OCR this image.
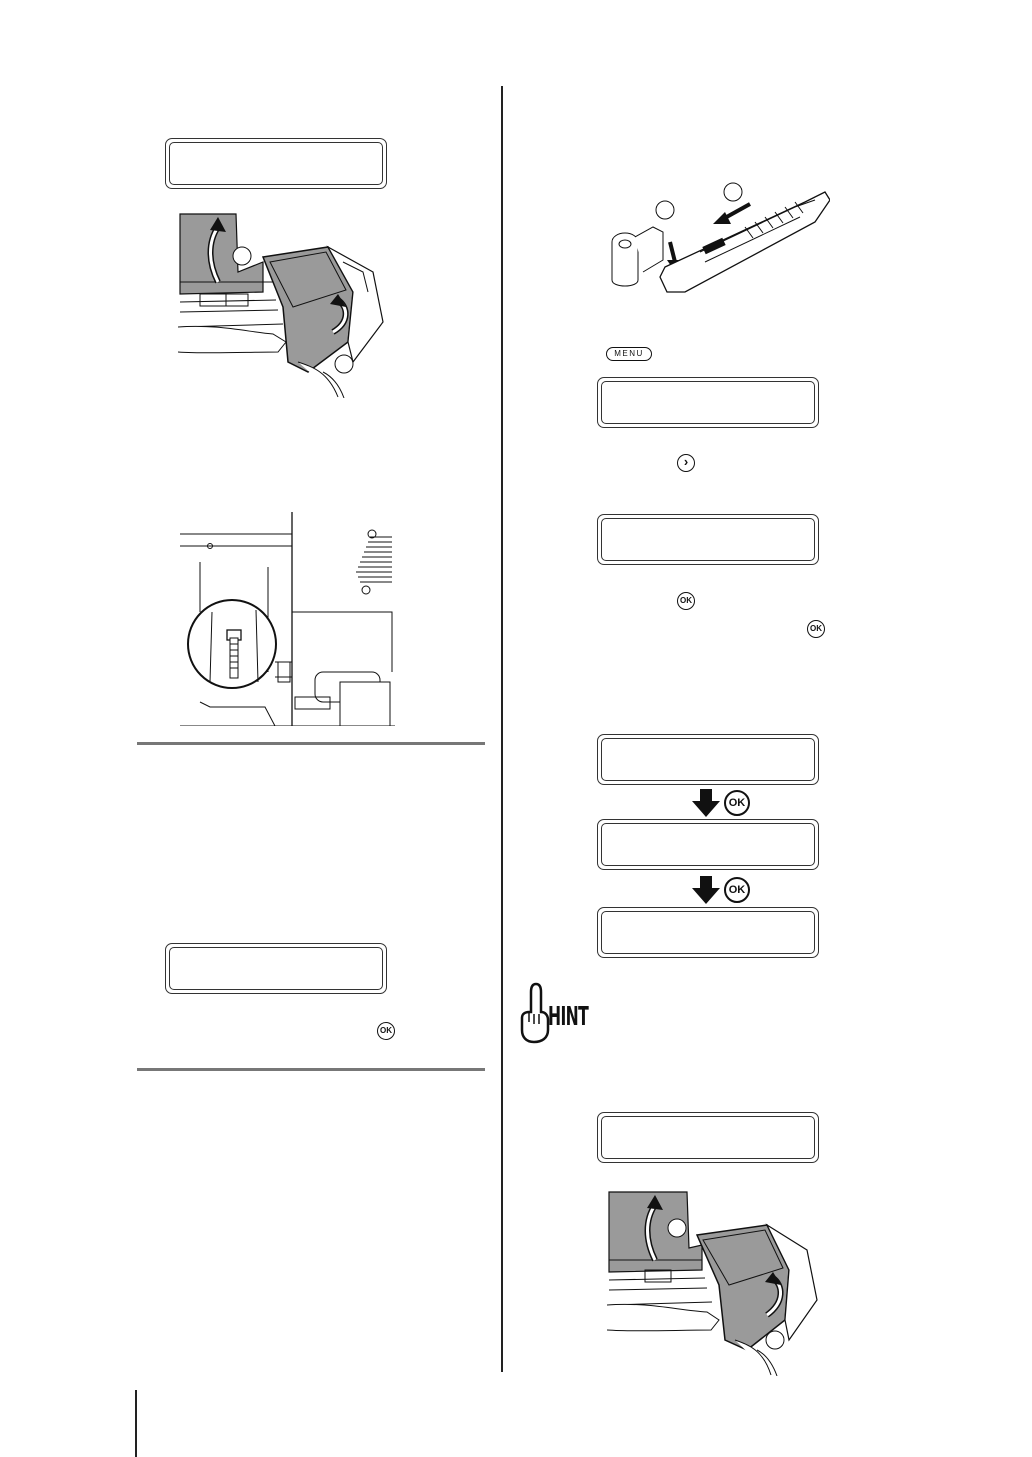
OK
MENU
›
OK
OK
OK
OK
HINT
